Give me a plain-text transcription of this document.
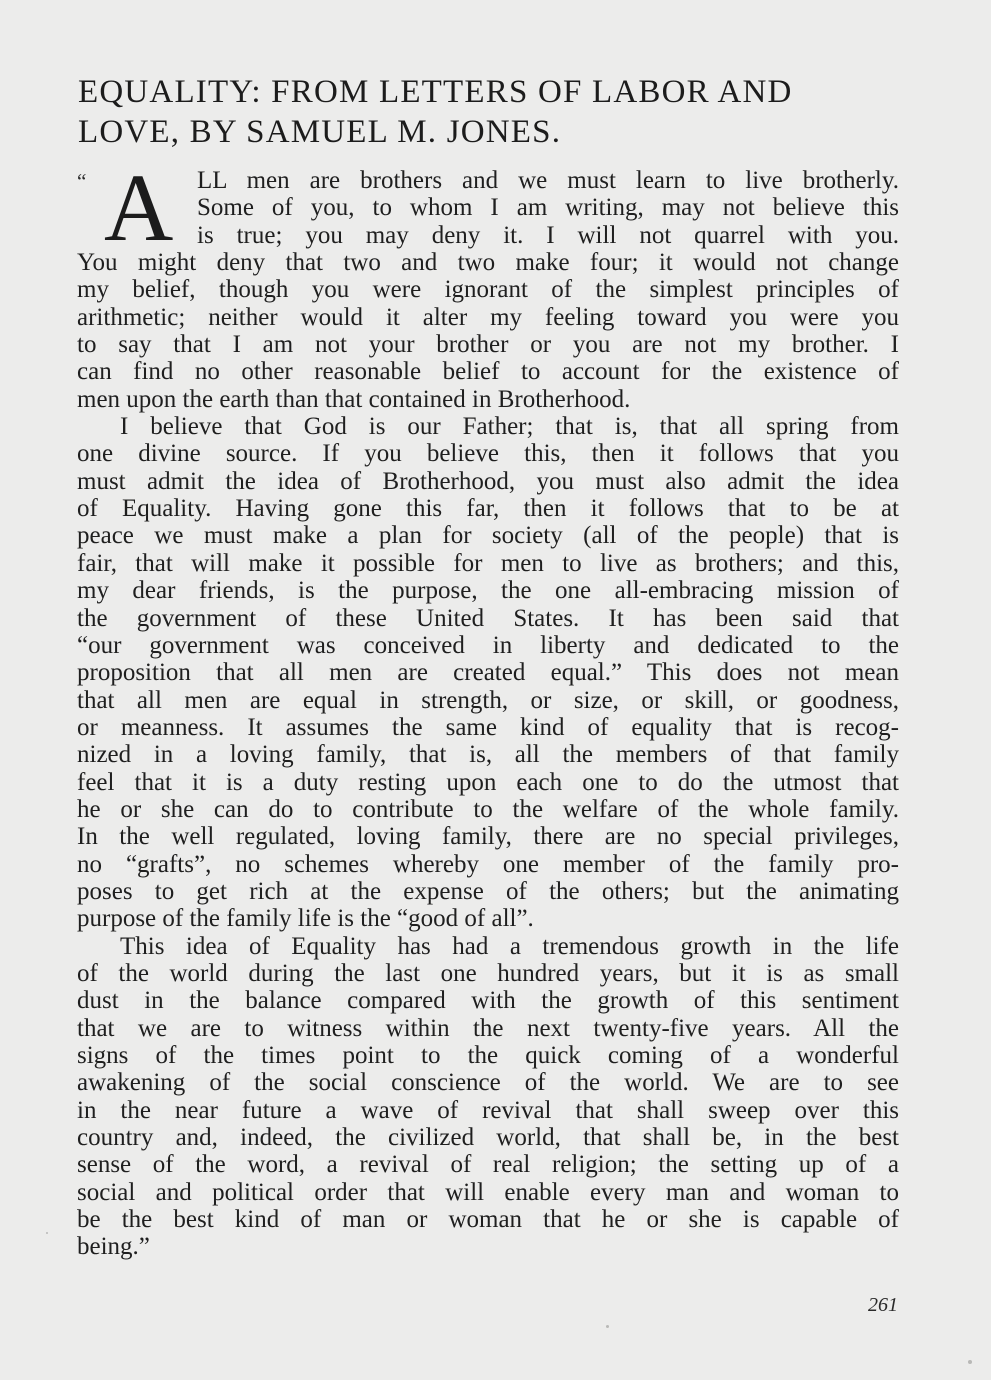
EQUALITY: FROM LETTERS OF LABOR AND
LOVE, BY SAMUEL M. JONES.
“ A LL men are brothers and we must learn to live brotherly.
Some of you, to whom I am writing, may not believe this
is true; you may deny it. I will not quarrel with you.
You might deny that two and two make four; it would not change
my belief, though you were ignorant of the simplest principles of
arithmetic; neither would it alter my feeling toward you were you
to say that I am not your brother or you are not my brother. I
can find no other reasonable belief to account for the existence of
men upon the earth than that contained in Brotherhood.
I believe that God is our Father; that is, that all spring from
one divine source. If you believe this, then it follows that you
must admit the idea of Brotherhood, you must also admit the idea
of Equality. Having gone this far, then it follows that to be at
peace we must make a plan for society (all of the people) that is
fair, that will make it possible for men to live as brothers; and this,
my dear friends, is the purpose, the one all-embracing mission of
the government of these United States. It has been said that
“our government was conceived in liberty and dedicated to the
proposition that all men are created equal.” This does not mean
that all men are equal in strength, or size, or skill, or goodness,
or meanness. It assumes the same kind of equality that is recog-
nized in a loving family, that is, all the members of that family
feel that it is a duty resting upon each one to do the utmost that
he or she can do to contribute to the welfare of the whole family.
In the well regulated, loving family, there are no special privileges,
no “grafts”, no schemes whereby one member of the family pro-
poses to get rich at the expense of the others; but the animating
purpose of the family life is the “good of all”.
This idea of Equality has had a tremendous growth in the life
of the world during the last one hundred years, but it is as small
dust in the balance compared with the growth of this sentiment
that we are to witness within the next twenty-five years. All the
signs of the times point to the quick coming of a wonderful
awakening of the social conscience of the world. We are to see
in the near future a wave of revival that shall sweep over this
country and, indeed, the civilized world, that shall be, in the best
sense of the word, a revival of real religion; the setting up of a
social and political order that will enable every man and woman to
be the best kind of man or woman that he or she is capable of
being.”
261
